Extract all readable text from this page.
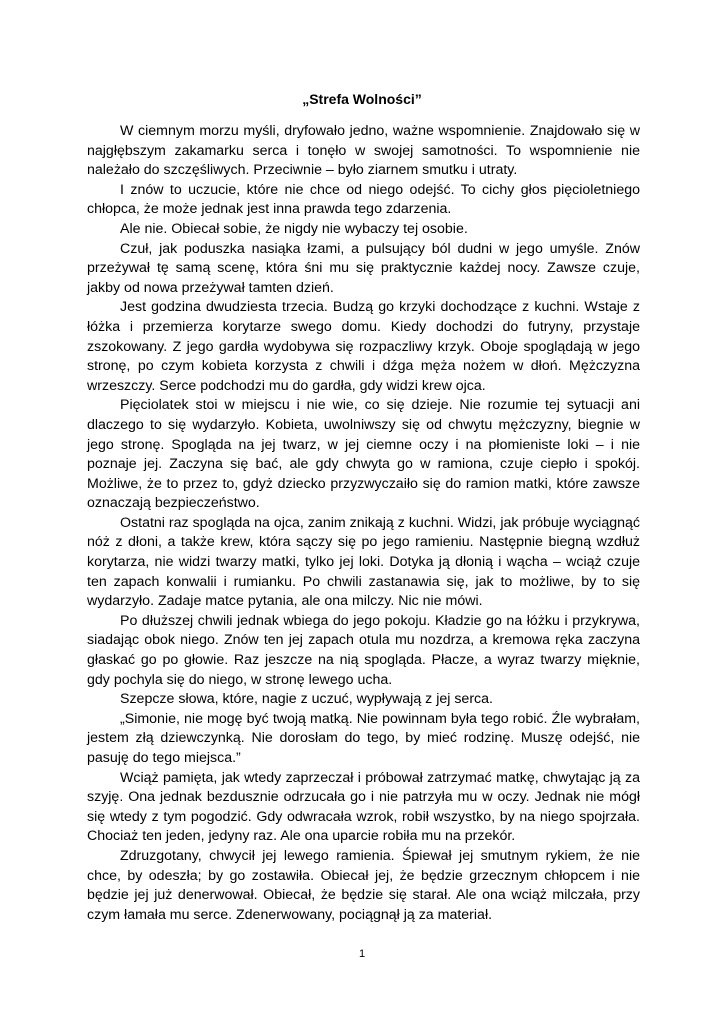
„Strefa Wolności”

W ciemnym morzu myśli, dryfowało jedno, ważne wspomnienie. Znajdowało się w najgłębszym zakamarku serca i tonęło w swojej samotności. To wspomnienie nie należało do szczęśliwych. Przeciwnie – było ziarnem smutku i utraty.

I znów to uczucie, które nie chce od niego odejść. To cichy głos pięcioletniego chłopca, że może jednak jest inna prawda tego zdarzenia.

Ale nie. Obiecał sobie, że nigdy nie wybaczy tej osobie.

Czuł, jak poduszka nasiąka łzami, a pulsujący ból dudni w jego umyśle. Znów przeżywał tę samą scenę, która śni mu się praktycznie każdej nocy. Zawsze czuje, jakby od nowa przeżywał tamten dzień.

Jest godzina dwudziesta trzecia. Budzą go krzyki dochodzące z kuchni. Wstaje z łóżka i przemierza korytarze swego domu. Kiedy dochodzi do futryny, przystaje zszokowany. Z jego gardła wydobywa się rozpaczliwy krzyk. Oboje spoglądają w jego stronę, po czym kobieta korzysta z chwili i dźga męża nożem w dłoń. Mężczyzna wrzeszczy. Serce podchodzi mu do gardła, gdy widzi krew ojca.

Pięciolatek stoi w miejscu i nie wie, co się dzieje. Nie rozumie tej sytuacji ani dlaczego to się wydarzyło. Kobieta, uwolniwszy się od chwytu mężczyzny, biegnie w jego stronę. Spogląda na jej twarz, w jej ciemne oczy i na płomieniste loki – i nie poznaje jej. Zaczyna się bać, ale gdy chwyta go w ramiona, czuje ciepło i spokój. Możliwe, że to przez to, gdyż dziecko przyzwyczaiło się do ramion matki, które zawsze oznaczają bezpieczeństwo.

Ostatni raz spogląda na ojca, zanim znikają z kuchni. Widzi, jak próbuje wyciągnąć nóż z dłoni, a także krew, która sączy się po jego ramieniu. Następnie biegną wzdłuż korytarza, nie widzi twarzy matki, tylko jej loki. Dotyka ją dłonią i wącha – wciąż czuje ten zapach konwalii i rumianku. Po chwili zastanawia się, jak to możliwe, by to się wydarzyło. Zadaje matce pytania, ale ona milczy. Nic nie mówi.

Po dłuższej chwili jednak wbiega do jego pokoju. Kładzie go na łóżku i przykrywa, siadając obok niego. Znów ten jej zapach otula mu nozdrza, a kremowa ręka zaczyna głaskać go po głowie. Raz jeszcze na nią spogląda. Płacze, a wyraz twarzy mięknie, gdy pochyla się do niego, w stronę lewego ucha.

Szepcze słowa, które, nagie z uczuć, wypływają z jej serca.

„Simonie, nie mogę być twoją matką. Nie powinnam była tego robić. Źle wybrałam, jestem złą dziewczynką. Nie dorosłam do tego, by mieć rodzinę. Muszę odejść, nie pasuję do tego miejsca.”

Wciąż pamięta, jak wtedy zaprzeczał i próbował zatrzymać matkę, chwytając ją za szyję. Ona jednak bezdusznie odrzucała go i nie patrzyła mu w oczy. Jednak nie mógł się wtedy z tym pogodzić. Gdy odwracała wzrok, robił wszystko, by na niego spojrzała. Chociaż ten jeden, jedyny raz. Ale ona uparcie robiła mu na przekór.

Zdruzgotany, chwycił jej lewego ramienia. Śpiewał jej smutnym rykiem, że nie chce, by odeszła; by go zostawiła. Obiecał jej, że będzie grzecznym chłopcem i nie będzie jej już denerwował. Obiecał, że będzie się starał. Ale ona wciąż milczała, przy czym łamała mu serce. Zdenerwowany, pociągnął ją za materiał.

1
